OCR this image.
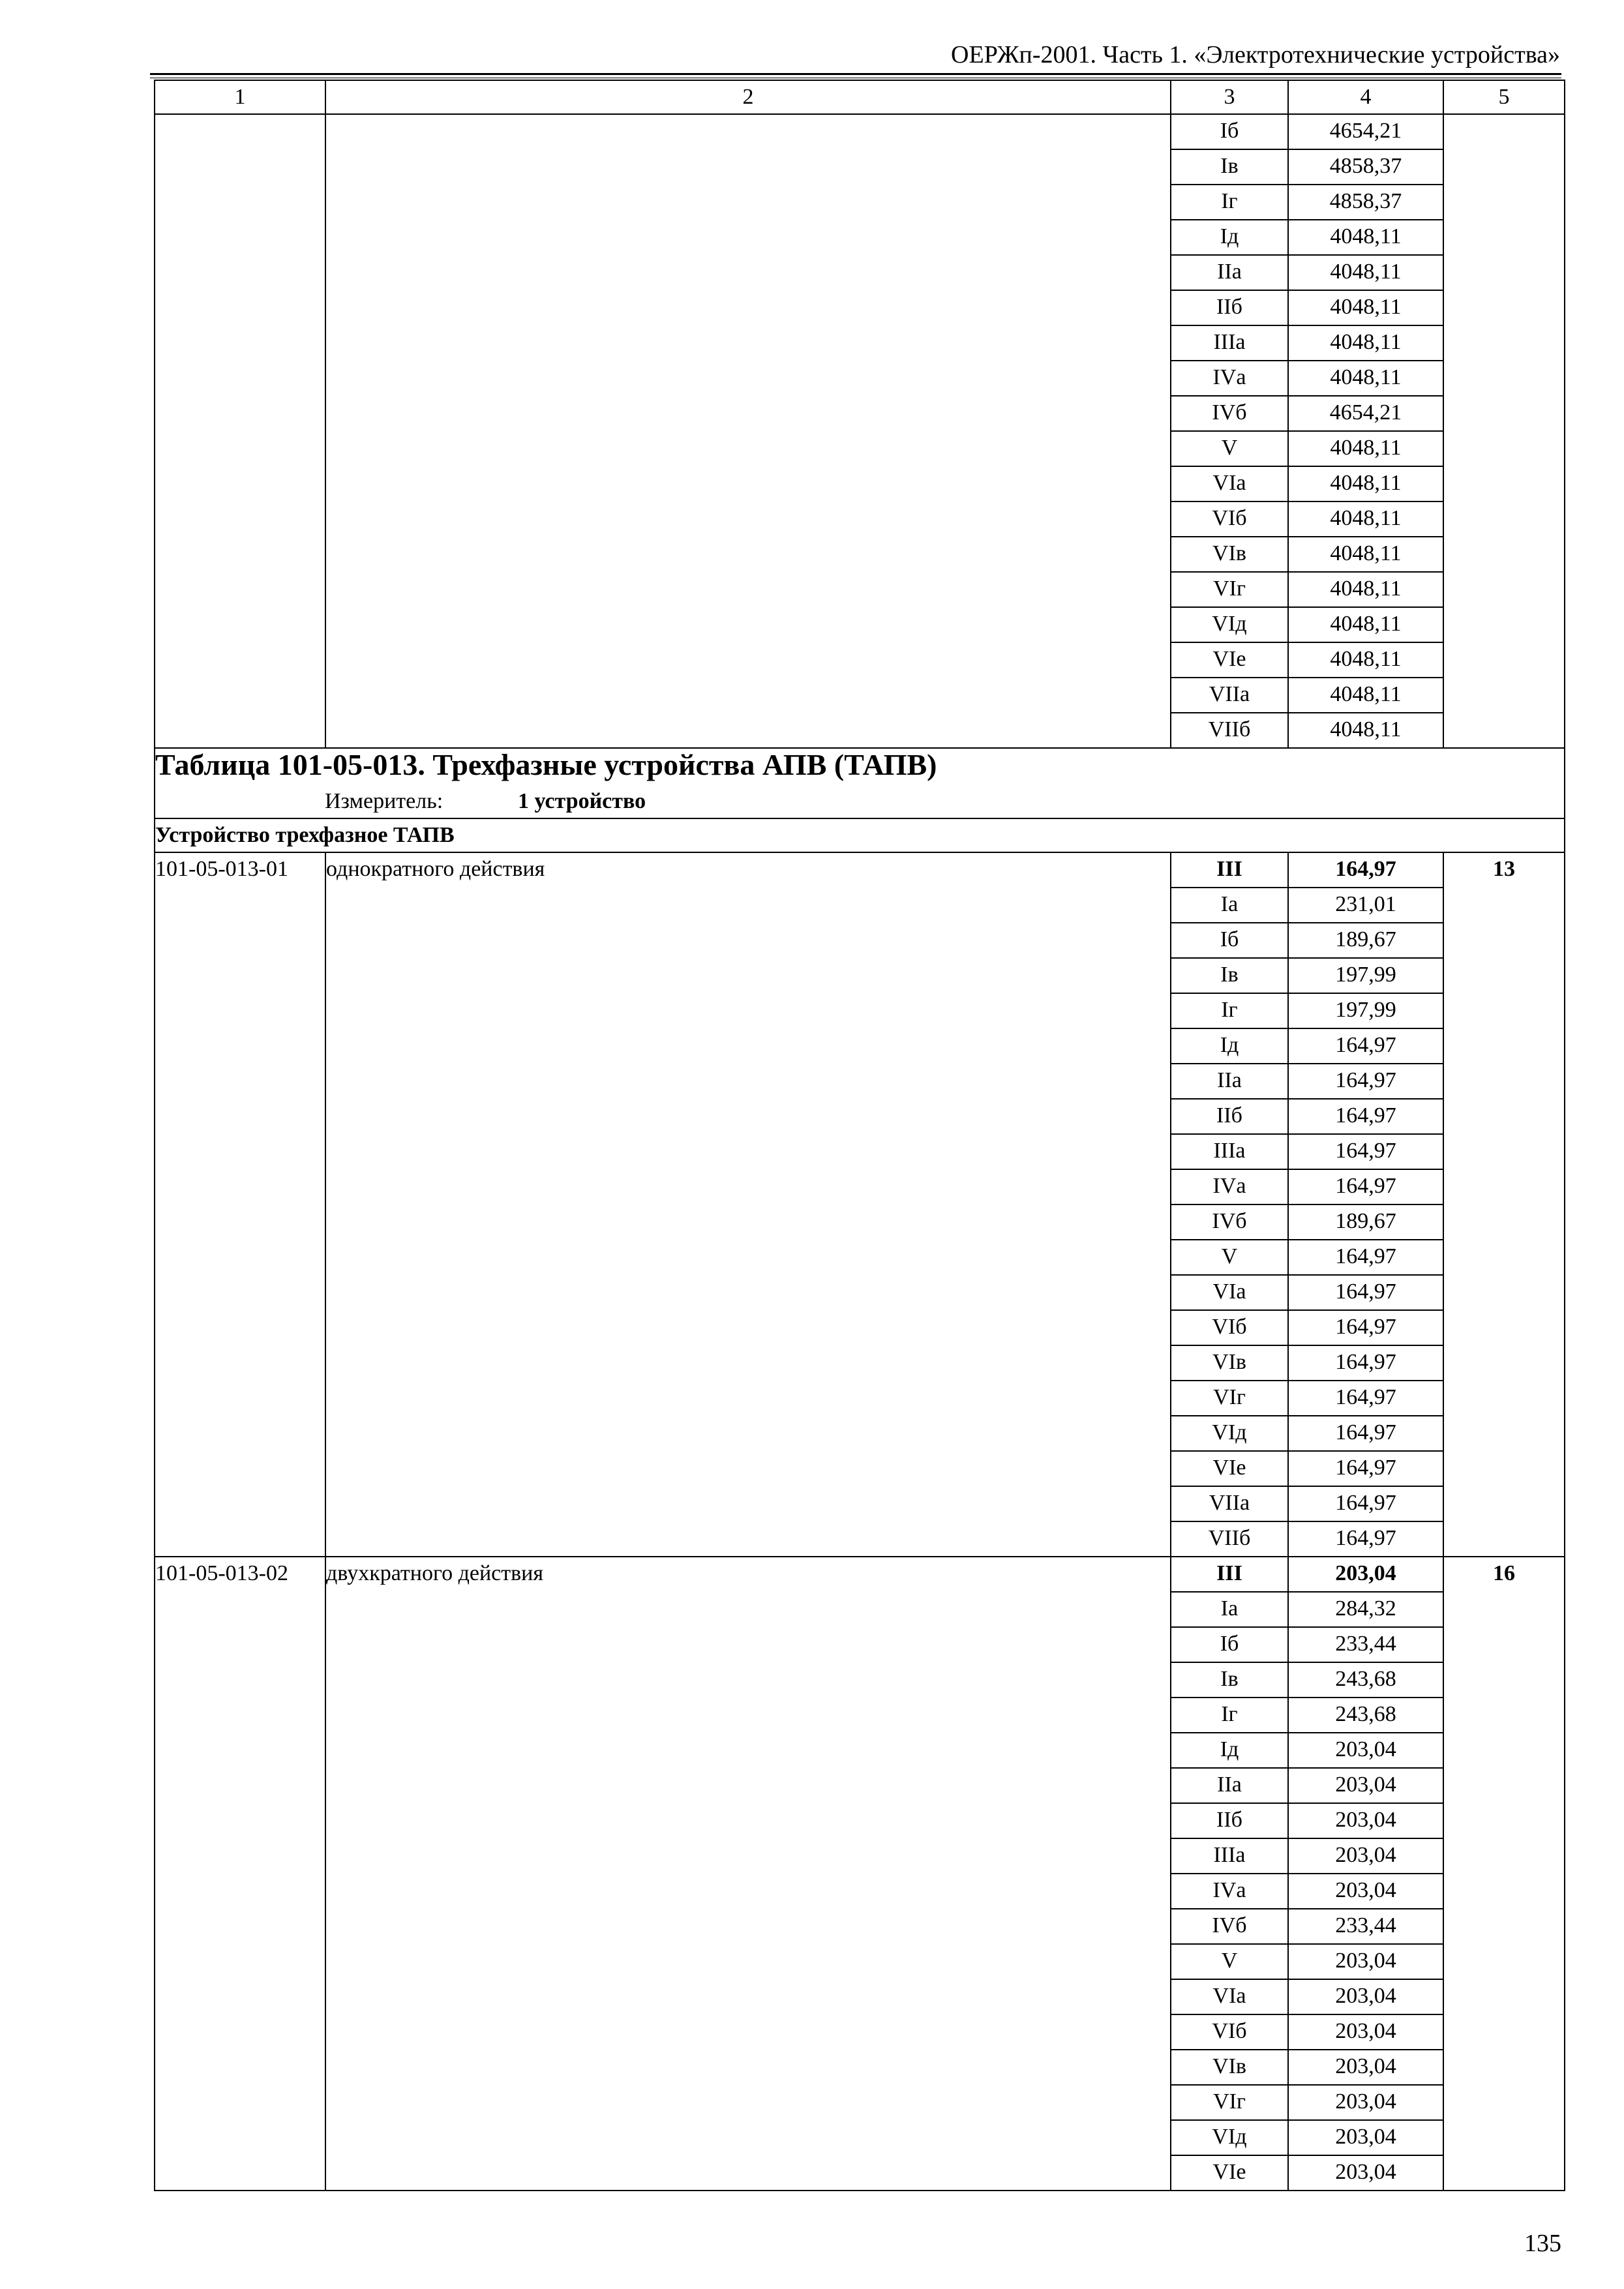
ОЕРЖп-2001. Часть 1. «Электротехнические устройства»
1	2	3	4	5
		Iб	4654,21	
		Iв	4858,37	
		Iг	4858,37	
		Iд	4048,11	
		IIа	4048,11	
		IIб	4048,11	
		IIIа	4048,11	
		IVа	4048,11	
		IVб	4654,21	
		V	4048,11	
		VIа	4048,11	
		VIб	4048,11	
		VIв	4048,11	
		VIг	4048,11	
		VIд	4048,11	
		VIе	4048,11	
		VIIа	4048,11	
		VIIб	4048,11	

Таблица 101-05-013. Трехфазные устройства АПВ (ТАПВ)
Измеритель: 1 устройство				

Устройство трехфазное ТАПВ				
101-05-013-01	однократного действия	III	164,97	13
		Iа	231,01	
		Iб	189,67	
		Iв	197,99	
		Iг	197,99	
		Iд	164,97	
		IIа	164,97	
		IIб	164,97	
		IIIа	164,97	
		IVа	164,97	
		IVб	189,67	
		V	164,97	
		VIа	164,97	
		VIб	164,97	
		VIв	164,97	
		VIг	164,97	
		VIд	164,97	
		VIе	164,97	
		VIIа	164,97	
		VIIб	164,97	
101-05-013-02	двухкратного действия	III	203,04	16
		Iа	284,32	
		Iб	233,44	
		Iв	243,68	
		Iг	243,68	
		Iд	203,04	
		IIа	203,04	
		IIб	203,04	
		IIIа	203,04	
		IVа	203,04	
		IVб	233,44	
		V	203,04	
		VIа	203,04	
		VIб	203,04	
		VIв	203,04	
		VIг	203,04	
		VIд	203,04	
		VIе	203,04	
135
